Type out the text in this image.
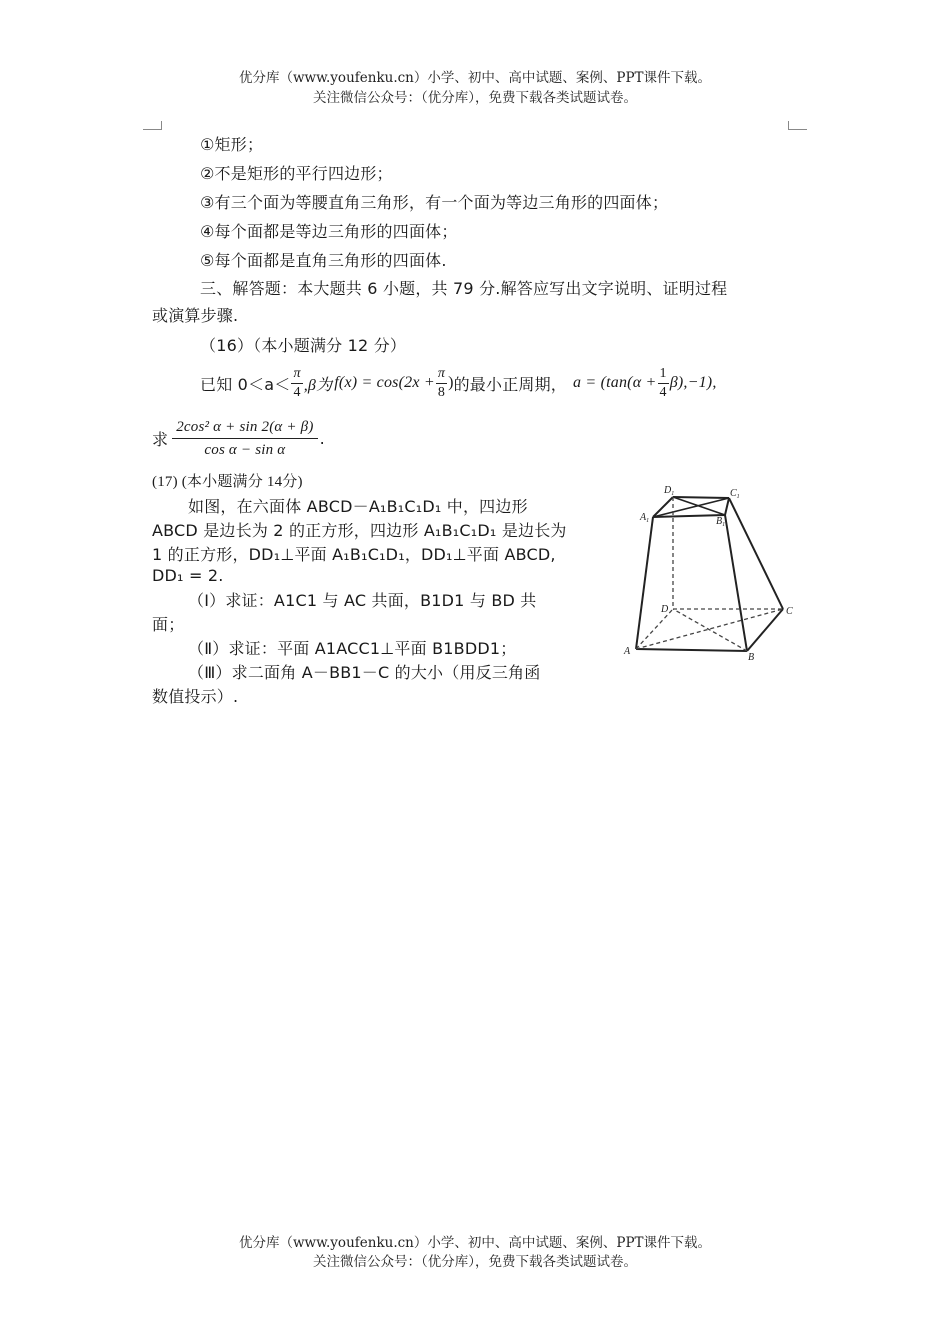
优分库（www.youfenku.cn）小学、初中、高中试题、案例、PPT课件下载。
关注微信公众号：（优分库），免费下载各类试题试卷。
①矩形；
②不是矩形的平行四边形；
③有三个面为等腰直角三角形，有一个面为等边三角形的四面体；
④每个面都是等边三角形的四面体；
⑤每个面都是直角三角形的四面体.
三、解答题：本大题共 6 小题，共 79 分.解答应写出文字说明、证明过程
或演算步骤.
（16）（本小题满分 12 分）
已知 $0<a< \frac{\pi}{4} ,\beta$为 $f(x) = \cos(2x + \frac{\pi}{8}$ ) 的最小正周期， $a = (\tan(\alpha + \frac{1}{4} \beta),-1)$,
求 $\frac{\text{2cos² α + sin 2(α + β)}}{\text{cos α − sin α}}$ .
(17) (本小题满分 14分)
如图，在六面体 ABCD－A₁B₁C₁D₁ 中，四边形
ABCD 是边长为 2 的正方形，四边形 A₁B₁C₁D₁ 是边长为
1 的正方形，DD₁⊥平面 A₁B₁C₁D₁，DD₁⊥平面 ABCD,
DD₁ = 2.
（Ⅰ）求证：A1C1 与 AC 共面，B1D1 与 BD 共
面；
（Ⅱ）求证：平面 A1ACC1⊥平面 B1BDD1；
（Ⅲ）求二面角 A－BB1－C 的大小（用反三角函
数值投示）.
$D_1$	$C_1$
$A_1$	$B_1$
D	C
A
B
优分库（www.youfenku.cn）小学、初中、高中试题、案例、PPT课件下载。
关注微信公众号：（优分库），免费下载各类试题试卷。
